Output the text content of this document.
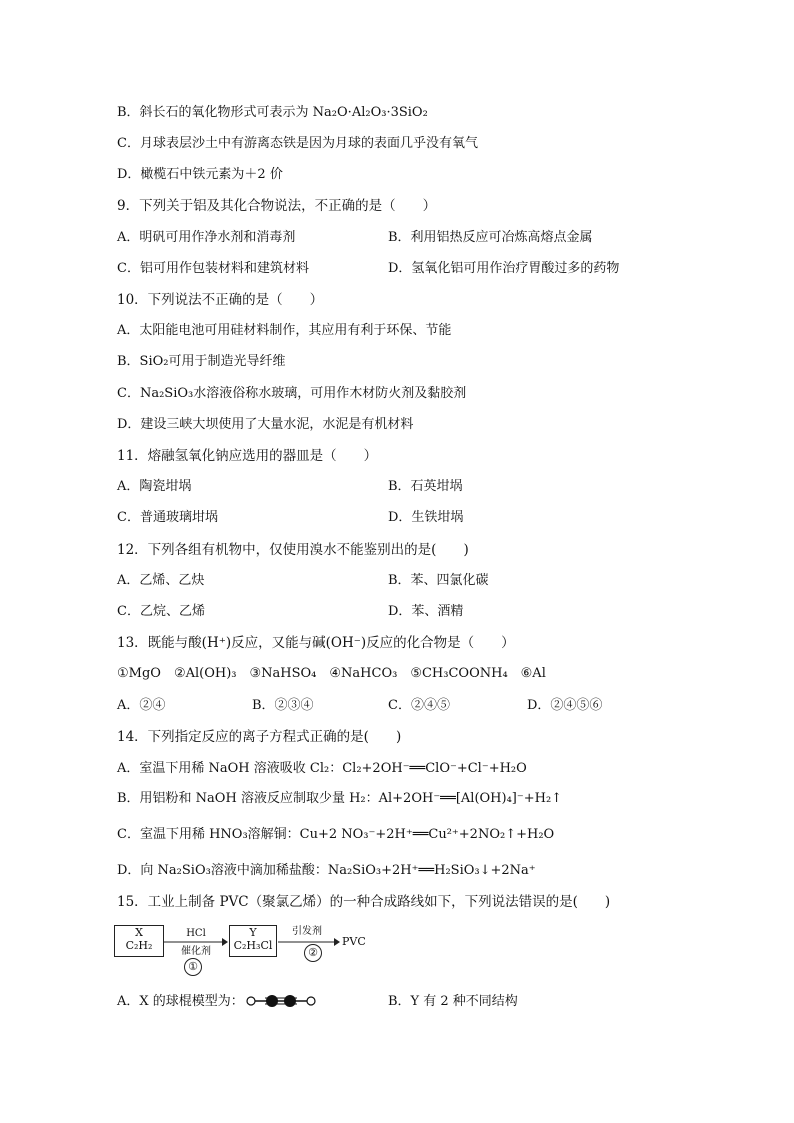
B．斜长石的氧化物形式可表示为 Na₂O·Al₂O₃·3SiO₂
C．月球表层沙土中有游离态铁是因为月球的表面几乎没有氧气
D．橄榄石中铁元素为＋2 价
9．下列关于铝及其化合物说法，不正确的是（　　）
A．明矾可用作净水剂和消毒剂	B．利用铝热反应可冶炼高熔点金属
C．铝可用作包装材料和建筑材料	D．氢氧化铝可用作治疗胃酸过多的药物
10．下列说法不正确的是（　　）
A．太阳能电池可用硅材料制作，其应用有利于环保、节能
B．SiO₂可用于制造光导纤维
C．Na₂SiO₃水溶液俗称水玻璃，可用作木材防火剂及黏胶剂
D．建设三峡大坝使用了大量水泥，水泥是有机材料
11．熔融氢氧化钠应选用的器皿是（　　）
A．陶瓷坩埚	B．石英坩埚
C．普通玻璃坩埚	D．生铁坩埚
12．下列各组有机物中，仅使用溴水不能鉴别出的是(　　)
A．乙烯、乙炔	B．苯、四氯化碳
C．乙烷、乙烯	D．苯、酒精
13．既能与酸(H⁺)反应，又能与碱(OH⁻)反应的化合物是（　　）
①MgO　②Al(OH)₃　③NaHSO₄　④NaHCO₃　⑤CH₃COONH₄　⑥Al
A．②④	B．②③④	C．②④⑤	D．②④⑤⑥
14．下列指定反应的离子方程式正确的是(　　)
A．室温下用稀 NaOH 溶液吸收 Cl₂：Cl₂+2OH⁻══ClO⁻+Cl⁻+H₂O
B．用铝粉和 NaOH 溶液反应制取少量 H₂：Al+2OH⁻══[Al(OH)₄]⁻+H₂↑
C．室温下用稀 HNO₃溶解铜：Cu+2 NO₃⁻+2H⁺══Cu²⁺+2NO₂↑+H₂O
D．向 Na₂SiO₃溶液中滴加稀盐酸：Na₂SiO₃+2H⁺══H₂SiO₃↓+2Na⁺
15．工业上制备 PVC（聚氯乙烯）的一种合成路线如下，下列说法错误的是(　　)
X
C₂H₂
HCl
催化剂
①
Y
C₂H₃Cl
引发剂
②
PVC
A．X 的球棍模型为：	B．Y 有 2 种不同结构
